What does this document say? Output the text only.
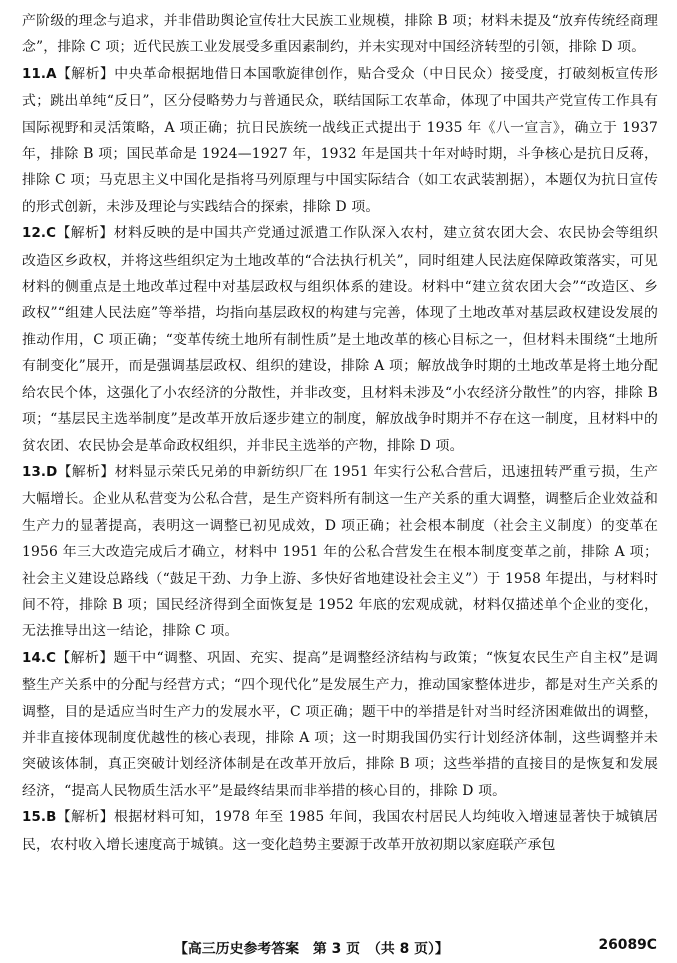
产阶级的理念与追求，并非借助舆论宣传壮大民族工业规模，排除 B 项；材料未提及“放弃传统经商理念”，排除 C 项；近代民族工业发展受多重因素制约，并未实现对中国经济转型的引领，排除 D 项。

11.A【解析】中央革命根据地借日本国歌旋律创作，贴合受众（中日民众）接受度，打破刻板宣传形式；跳出单纯“反日”，区分侵略势力与普通民众，联结国际工农革命，体现了中国共产党宣传工作具有国际视野和灵活策略，A 项正确；抗日民族统一战线正式提出于 1935 年《八一宣言》，确立于 1937 年，排除 B 项；国民革命是 1924—1927 年，1932 年是国共十年对峙时期，斗争核心是抗日反蒋，排除 C 项；马克思主义中国化是指将马列原理与中国实际结合（如工农武装割据），本题仅为抗日宣传的形式创新，未涉及理论与实践结合的探索，排除 D 项。

12.C【解析】材料反映的是中国共产党通过派遣工作队深入农村，建立贫农团大会、农民协会等组织改造区乡政权，并将这些组织定为土地改革的“合法执行机关”，同时组建人民法庭保障政策落实，可见材料的侧重点是土地改革过程中对基层政权与组织体系的建设。材料中“建立贫农团大会”“改造区、乡政权”“组建人民法庭”等举措，均指向基层政权的构建与完善，体现了土地改革对基层政权建设发展的推动作用，C 项正确；“变革传统土地所有制性质”是土地改革的核心目标之一，但材料未围绕“土地所有制变化”展开，而是强调基层政权、组织的建设，排除 A 项；解放战争时期的土地改革是将土地分配给农民个体，这强化了小农经济的分散性，并非改变，且材料未涉及“小农经济分散性”的内容，排除 B 项；“基层民主选举制度”是改革开放后逐步建立的制度，解放战争时期并不存在这一制度，且材料中的贫农团、农民协会是革命政权组织，并非民主选举的产物，排除 D 项。

13.D【解析】材料显示荣氏兄弟的申新纺织厂在 1951 年实行公私合营后，迅速扭转严重亏损，生产大幅增长。企业从私营变为公私合营，是生产资料所有制这一生产关系的重大调整，调整后企业效益和生产力的显著提高，表明这一调整已初见成效，D 项正确；社会根本制度（社会主义制度）的变革在 1956 年三大改造完成后才确立，材料中 1951 年的公私合营发生在根本制度变革之前，排除 A 项；社会主义建设总路线（“鼓足干劲、力争上游、多快好省地建设社会主义”）于 1958 年提出，与材料时间不符，排除 B 项；国民经济得到全面恢复是 1952 年底的宏观成就，材料仅描述单个企业的变化，无法推导出这一结论，排除 C 项。

14.C【解析】题干中“调整、巩固、充实、提高”是调整经济结构与政策；“恢复农民生产自主权”是调整生产关系中的分配与经营方式；“四个现代化”是发展生产力，推动国家整体进步，都是对生产关系的调整，目的是适应当时生产力的发展水平，C 项正确；题干中的举措是针对当时经济困难做出的调整，并非直接体现制度优越性的核心表现，排除 A 项；这一时期我国仍实行计划经济体制，这些调整并未突破该体制，真正突破计划经济体制是在改革开放后，排除 B 项；这些举措的直接目的是恢复和发展经济，“提高人民物质生活水平”是最终结果而非举措的核心目的，排除 D 项。

15.B【解析】根据材料可知，1978 年至 1985 年间，我国农村居民人均纯收入增速显著快于城镇居民，农村收入增长速度高于城镇。这一变化趋势主要源于改革开放初期以家庭联产承包

【高三历史参考答案　第 3 页　（共 8 页）】	26089C
